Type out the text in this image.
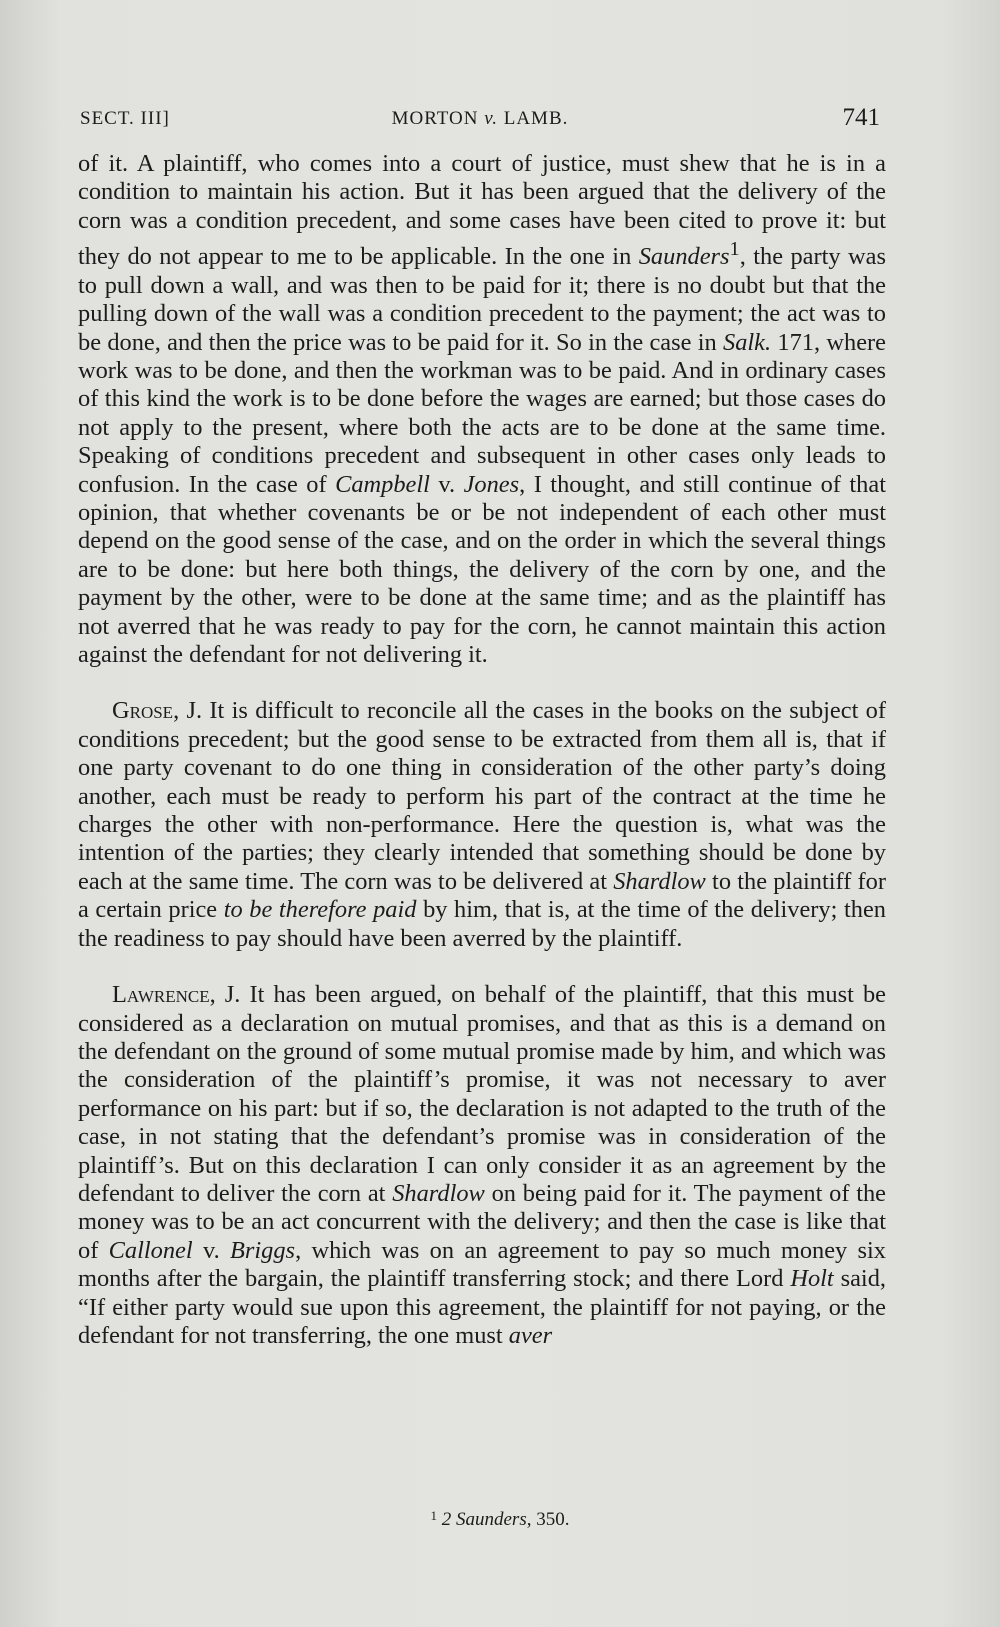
SECT. III]	MORTON v. LAMB.	741

of it. A plaintiff, who comes into a court of justice, must shew that he is in a condition to maintain his action. But it has been argued that the delivery of the corn was a condition precedent, and some cases have been cited to prove it: but they do not appear to me to be applicable. In the one in Saunders$^1$, the party was to pull down a wall, and was then to be paid for it; there is no doubt but that the pulling down of the wall was a condition precedent to the payment; the act was to be done, and then the price was to be paid for it. So in the case in Salk. 171, where work was to be done, and then the workman was to be paid. And in ordinary cases of this kind the work is to be done before the wages are earned; but those cases do not apply to the present, where both the acts are to be done at the same time. Speaking of conditions precedent and subsequent in other cases only leads to confusion. In the case of Campbell v. Jones, I thought, and still continue of that opinion, that whether covenants be or be not independent of each other must depend on the good sense of the case, and on the order in which the several things are to be done: but here both things, the delivery of the corn by one, and the payment by the other, were to be done at the same time; and as the plaintiff has not averred that he was ready to pay for the corn, he cannot maintain this action against the defendant for not delivering it.

Grose, J. It is difficult to reconcile all the cases in the books on the subject of conditions precedent; but the good sense to be extracted from them all is, that if one party covenant to do one thing in consideration of the other party’s doing another, each must be ready to perform his part of the contract at the time he charges the other with non-performance. Here the question is, what was the intention of the parties; they clearly intended that something should be done by each at the same time. The corn was to be delivered at Shardlow to the plaintiff for a certain price to be therefore paid by him, that is, at the time of the delivery; then the readiness to pay should have been averred by the plaintiff.

Lawrence, J. It has been argued, on behalf of the plaintiff, that this must be considered as a declaration on mutual promises, and that as this is a demand on the defendant on the ground of some mutual promise made by him, and which was the consideration of the plaintiff’s promise, it was not necessary to aver performance on his part: but if so, the declaration is not adapted to the truth of the case, in not stating that the defendant’s promise was in consideration of the plaintiff’s. But on this declaration I can only consider it as an agreement by the defendant to deliver the corn at Shardlow on being paid for it. The payment of the money was to be an act concurrent with the delivery; and then the case is like that of Callonel v. Briggs, which was on an agreement to pay so much money six months after the bargain, the plaintiff transferring stock; and there Lord Holt said, “If either party would sue upon this agreement, the plaintiff for not paying, or the defendant for not transferring, the one must aver

$^1$ 2 Saunders, 350.
